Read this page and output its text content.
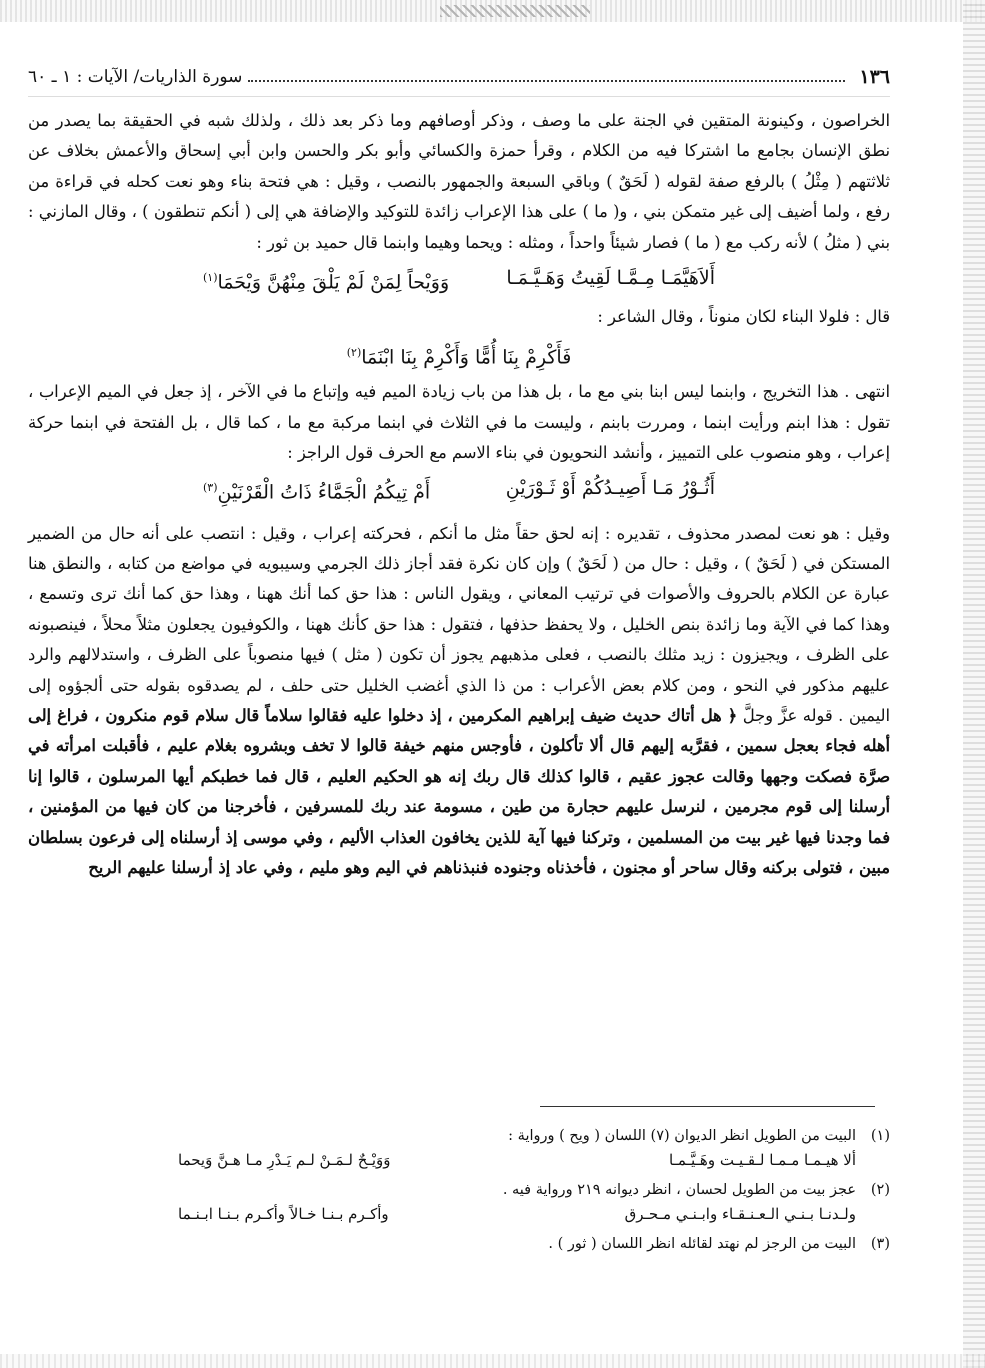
١٣٦
سورة الذاريات/ الآيات : ١ ـ ٦٠

الخراصون ، وكينونة المتقين في الجنة على ما وصف ، وذكر أوصافهم وما ذكر بعد ذلك ، ولذلك شبه في الحقيقة بما يصدر من نطق الإنسان بجامع ما اشتركا فيه من الكلام ، وقرأ حمزة والكسائي وأبو بكر والحسن وابن أبي إسحاق والأعمش بخلاف عن ثلاثتهم ( مِثْلُ ) بالرفع صفة لقوله ( لَحَقٌ ) وباقي السبعة والجمهور بالنصب ، وقيل : هي فتحة بناء وهو نعت كحله في قراءة من رفع ، ولما أضيف إلى غير متمكن بني ، و( ما ) على هذا الإعراب زائدة للتوكيد والإضافة هي إلى ( أنكم تنطقون ) ، وقال المازني : بني ( مثلُ ) لأنه ركب مع ( ما ) فصار شيئاً واحداً ، ومثله : ويحما وهيما وابنما قال حميد بن ثور :

أَلاَهَيَّمَـا مِـمَّـا لَقِيتُ وَهَـيَّـمَـا
وَوَيْحاً لِمَنْ لَمْ يَلْقَ مِنْهُنَّ وَيْحَمَا$^{(١)}$

قال : فلولا البناء لكان منوناً ، وقال الشاعر :

فَأَكْرِمْ بِنَا أُمًّا وَأَكْرِمْ بِنَا ابْنَمَا$^{(٢)}$

انتهى . هذا التخريج ، وابنما ليس ابنا بني مع ما ، بل هذا من باب زيادة الميم فيه وإتباع ما في الآخر ، إذ جعل في الميم الإعراب ، تقول : هذا ابنم ورأيت ابنما ، ومررت بابنم ، وليست ما في الثلاث في ابنما مركبة مع ما ، كما قال ، بل الفتحة في ابنما حركة إعراب ، وهو منصوب على التمييز ، وأنشد النحويون في بناء الاسم مع الحرف قول الراجز :

أَثُـوْرُ مَـا أَصِيـدُكُمْ أَوْ ثَـوْرَيْنِ
أَمْ تِيكُمُ الْجَمَّاءُ ذَاتُ الْقَرْنَيْنِ$^{(٣)}$

وقيل : هو نعت لمصدر محذوف ، تقديره : إنه لحق حقاً مثل ما أنكم ، فحركته إعراب ، وقيل : انتصب على أنه حال من الضمير المستكن في ( لَحَقٌ ) ، وقيل : حال من ( لَحَقٌ ) وإن كان نكرة فقد أجاز ذلك الجرمي وسيبويه في مواضع من كتابه ، والنطق هنا عبارة عن الكلام بالحروف والأصوات في ترتيب المعاني ، ويقول الناس : هذا حق كما أنك ههنا ، وهذا حق كما أنك ترى وتسمع ، وهذا كما في الآية وما زائدة بنص الخليل ، ولا يحفظ حذفها ، فتقول : هذا حق كأنك ههنا ، والكوفيون يجعلون مثلاً محلاً ، فينصبونه على الظرف ، ويجيزون : زيد مثلك بالنصب ، فعلى مذهبهم يجوز أن تكون ( مثل ) فيها منصوباً على الظرف ، واستدلالهم والرد عليهم مذكور في النحو ، ومن كلام بعض الأعراب : من ذا الذي أغضب الخليل حتى حلف ، لم يصدقوه بقوله حتى ألجؤوه إلى اليمين . قوله عزَّ وجلَّ ﴿ هل أتاك حديث ضيف إبراهيم المكرمين ، إذ دخلوا عليه فقالوا سلاماً قال سلام قوم منكرون ، فراغ إلى أهله فجاء بعجل سمين ، فقرَّبه إليهم قال ألا تأكلون ، فأوجس منهم خيفة قالوا لا تخف وبشروه بغلام عليم ، فأقبلت امرأته في صرَّة فصكت وجهها وقالت عجوز عقيم ، قالوا كذلك قال ربك إنه هو الحكيم العليم ، قال فما خطبكم أيها المرسلون ، قالوا إنا أرسلنا إلى قوم مجرمين ، لنرسل عليهم حجارة من طين ، مسومة عند ربك للمسرفين ، فأخرجنا من كان فيها من المؤمنين ، فما وجدنا فيها غير بيت من المسلمين ، وتركنا فيها آية للذين يخافون العذاب الأليم ، وفي موسى إذ أرسلناه إلى فرعون بسلطان مبين ، فتولى بركنه وقال ساحر أو مجنون ، فأخذناه وجنوده فنبذناهم في اليم وهو مليم ، وفي عاد إذ أرسلنا عليهم الريح

(١)
البيت من الطويل انظر الديوان (٧) اللسان ( ويح ) ورواية :
ألا هيـمـا مـمـا لـقـيـت وهَـيَّـمـا
وَوَيْـحٌ لـمَـنْ لـم يَـدْرِ مـا هـنَّ وَيحما
(٢)
عجز بيت من الطويل لحسان ، انظر ديوانه ٢١٩ ورواية فيه .
ولـدنـا بـنـي الـعـنـقـاء وابـنـي مـحـرق
وأكـرم بـنـا خـالاً وأكـرم بـنـا ابـنـما
(٣)
البيت من الرجز لم نهتد لقائله انظر اللسان ( ثور ) .
